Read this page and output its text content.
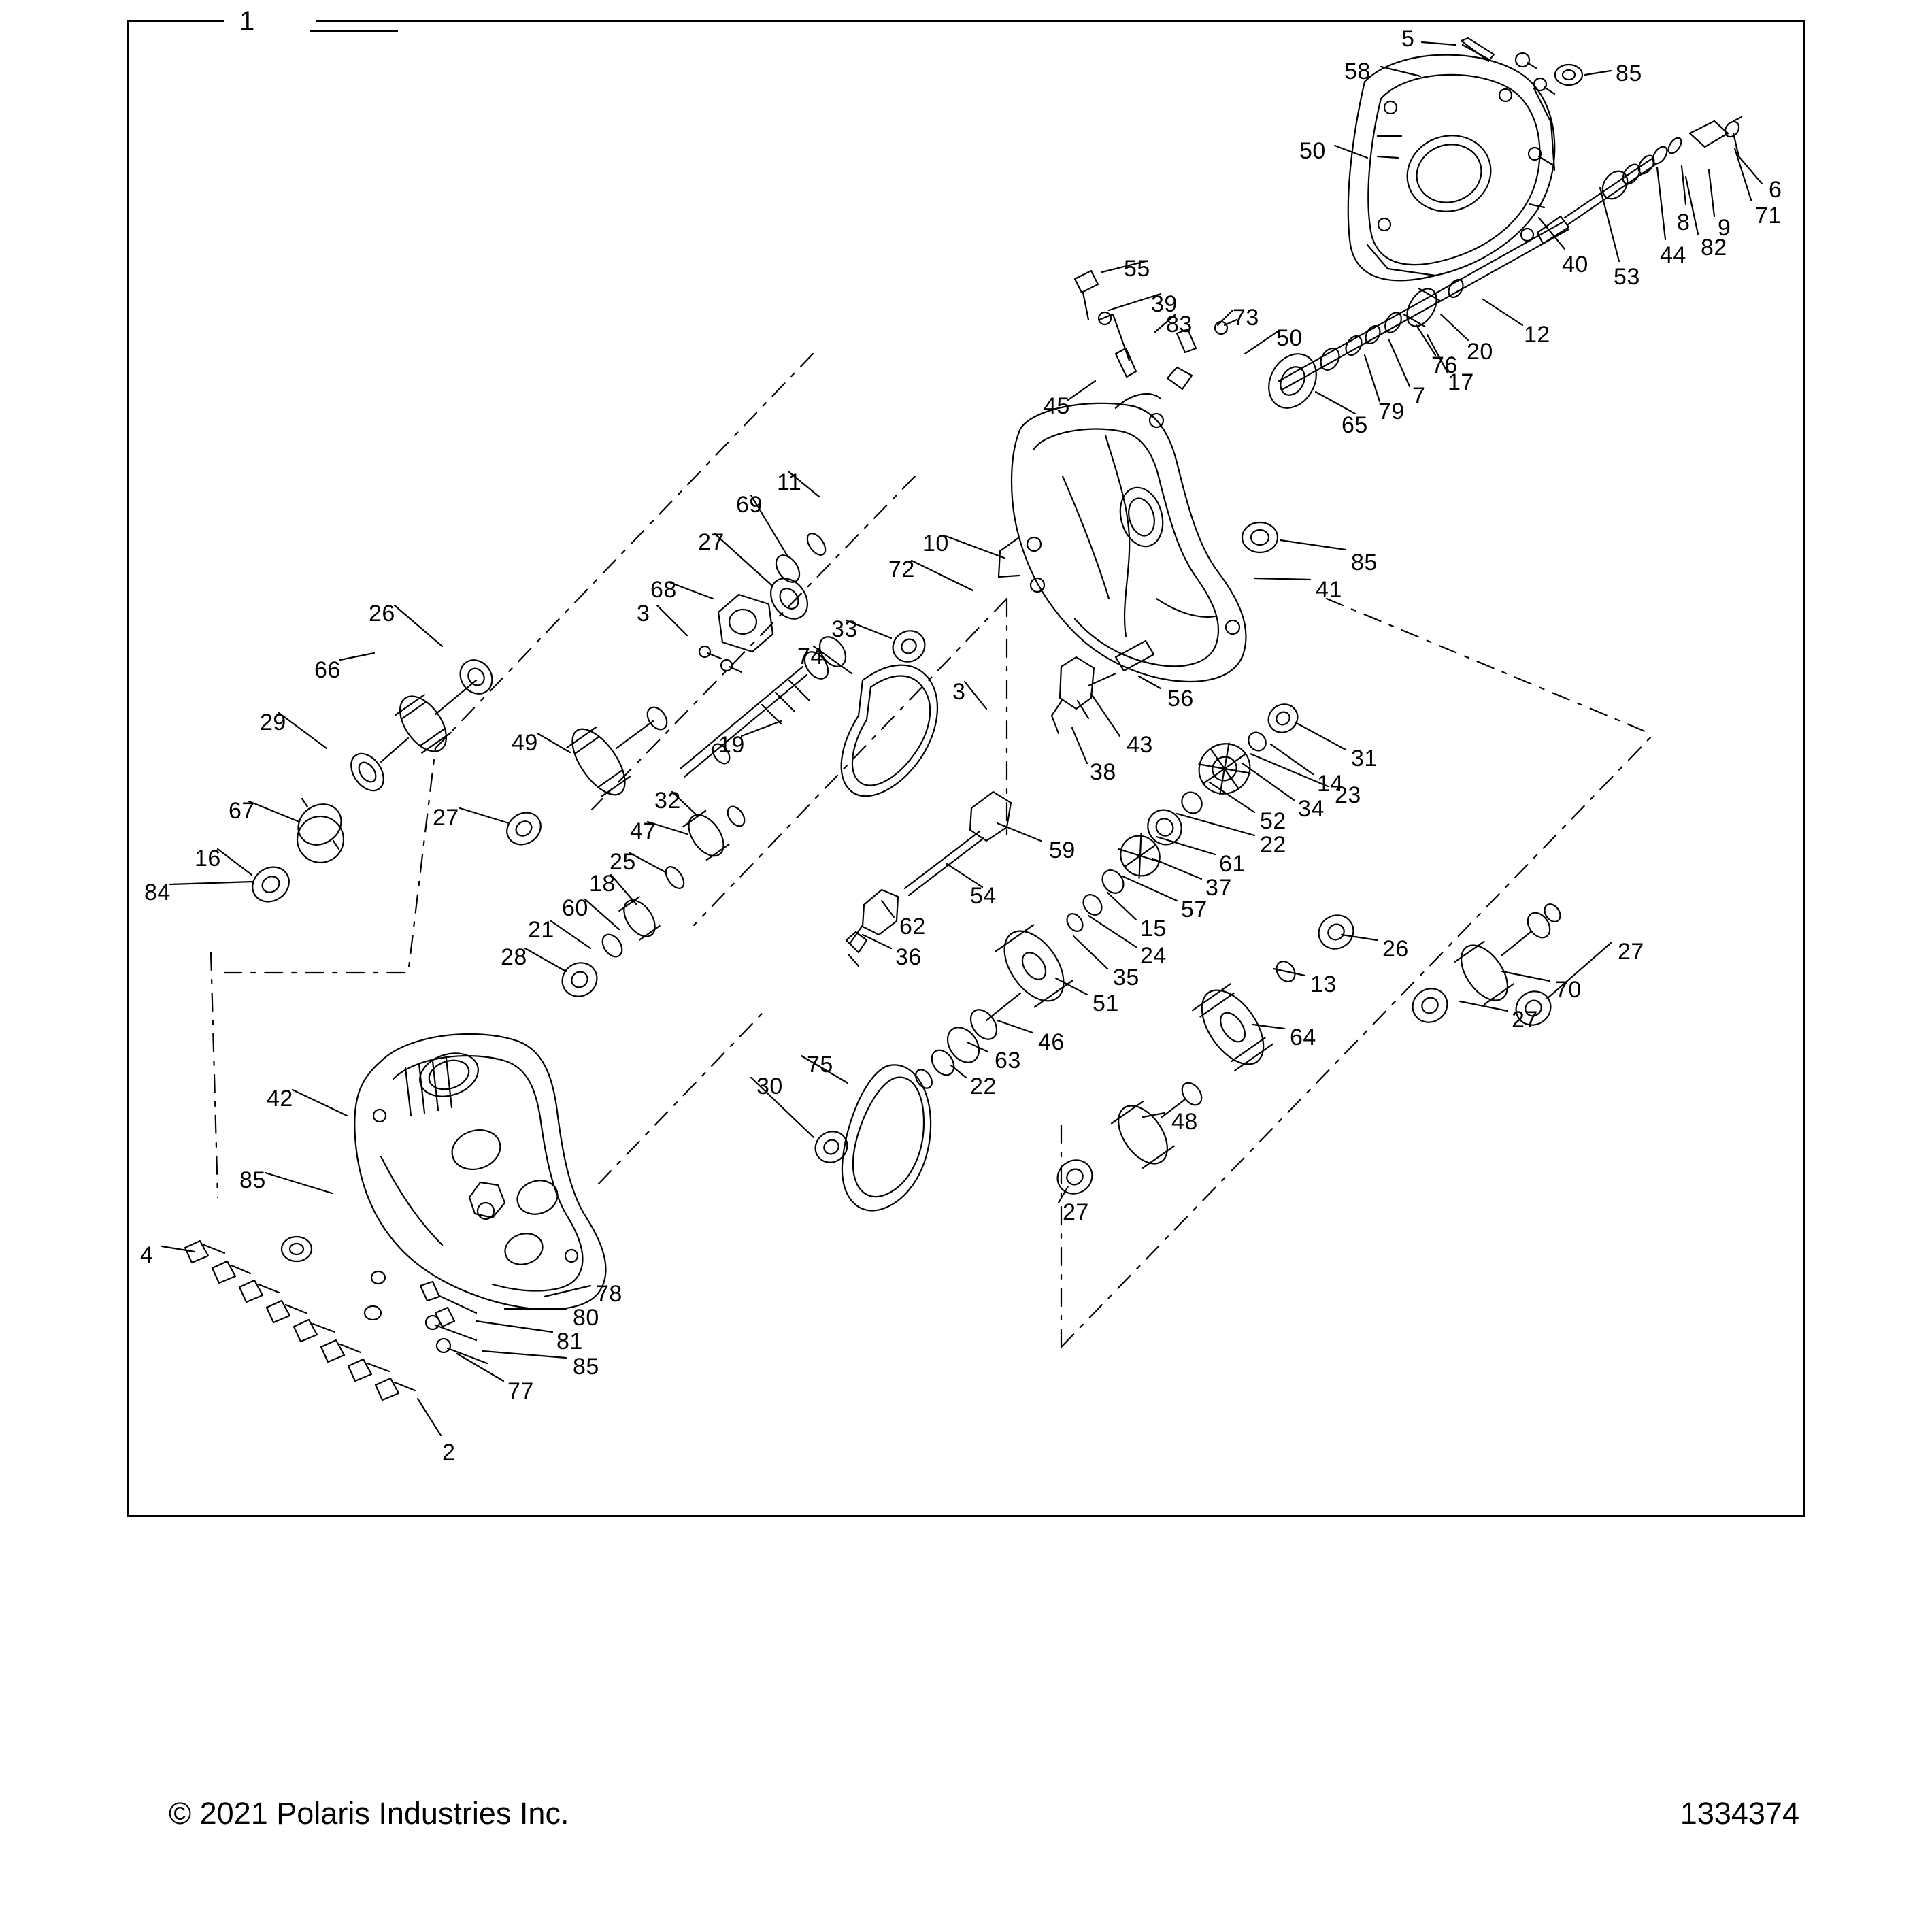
1
5
58	85
50
6
8 9 71
82
44
53
40
55
39
83 73
50	12
20
76
17
7
79
65
45
11
69
27	10
72	85
41
68
3
33
74
3	56
26
66
29
49	19	43
38
31
14
23
34
67	27
32
52
22
47
16	25	59
61
18
84
60
37
57
54
21	62	15
24	26	27
28	36
35	13	70
51
27
46	64
63
22
42
75
30
48
85
27
4
78
80
81
85
77
2
© 2021 Polaris Industries Inc.	1334374
